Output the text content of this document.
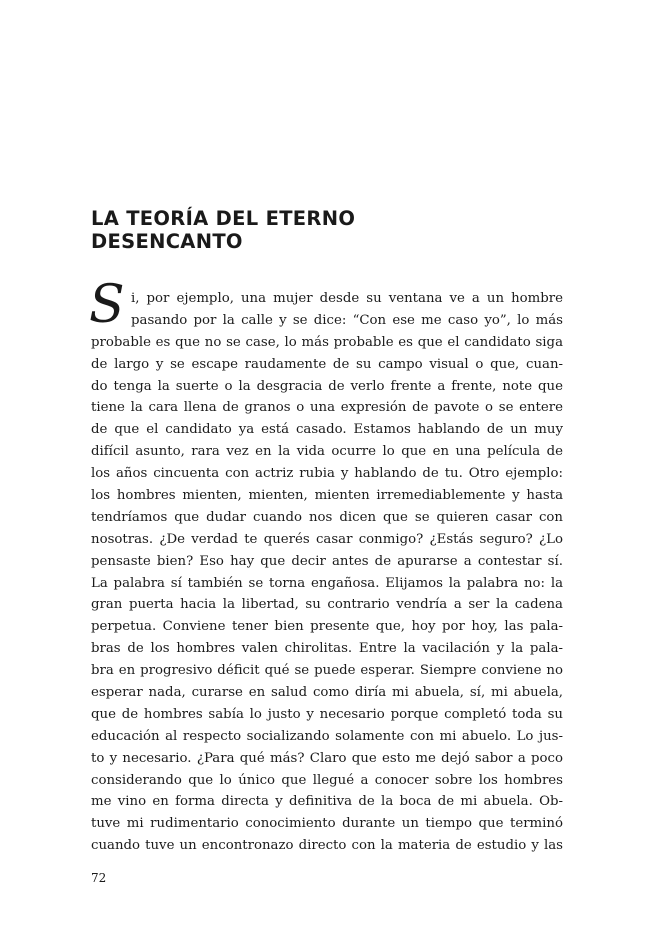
LA TEORÍA DEL ETERNO
DESENCANTO
S i, por ejemplo, una mujer desde su ventana ve a un hombre
pasando por la calle y se dice: “Con ese me caso yo”, lo más
probable es que no se case, lo más probable es que el candidato siga
de largo y se escape raudamente de su campo visual o que, cuan-
do tenga la suerte o la desgracia de verlo frente a frente, note que
tiene la cara llena de granos o una expresión de pavote o se entere
de que el candidato ya está casado. Estamos hablando de un muy
difícil asunto, rara vez en la vida ocurre lo que en una película de
los años cincuenta con actriz rubia y hablando de tu. Otro ejemplo:
los hombres mienten, mienten, mienten irremediablemente y hasta
tendríamos que dudar cuando nos dicen que se quieren casar con
nosotras. ¿De verdad te querés casar conmigo? ¿Estás seguro? ¿Lo
pensaste bien? Eso hay que decir antes de apurarse a contestar sí.
La palabra sí también se torna engañosa. Elijamos la palabra no: la
gran puerta hacia la libertad, su contrario vendría a ser la cadena
perpetua. Conviene tener bien presente que, hoy por hoy, las pala-
bras de los hombres valen chirolitas. Entre la vacilación y la pala-
bra en progresivo déficit qué se puede esperar. Siempre conviene no
esperar nada, curarse en salud como diría mi abuela, sí, mi abuela,
que de hombres sabía lo justo y necesario porque completó toda su
educación al respecto socializando solamente con mi abuelo. Lo jus-
to y necesario. ¿Para qué más? Claro que esto me dejó sabor a poco
considerando que lo único que llegué a conocer sobre los hombres
me vino en forma directa y definitiva de la boca de mi abuela. Ob-
tuve mi rudimentario conocimiento durante un tiempo que terminó
cuando tuve un encontronazo directo con la materia de estudio y las
72
